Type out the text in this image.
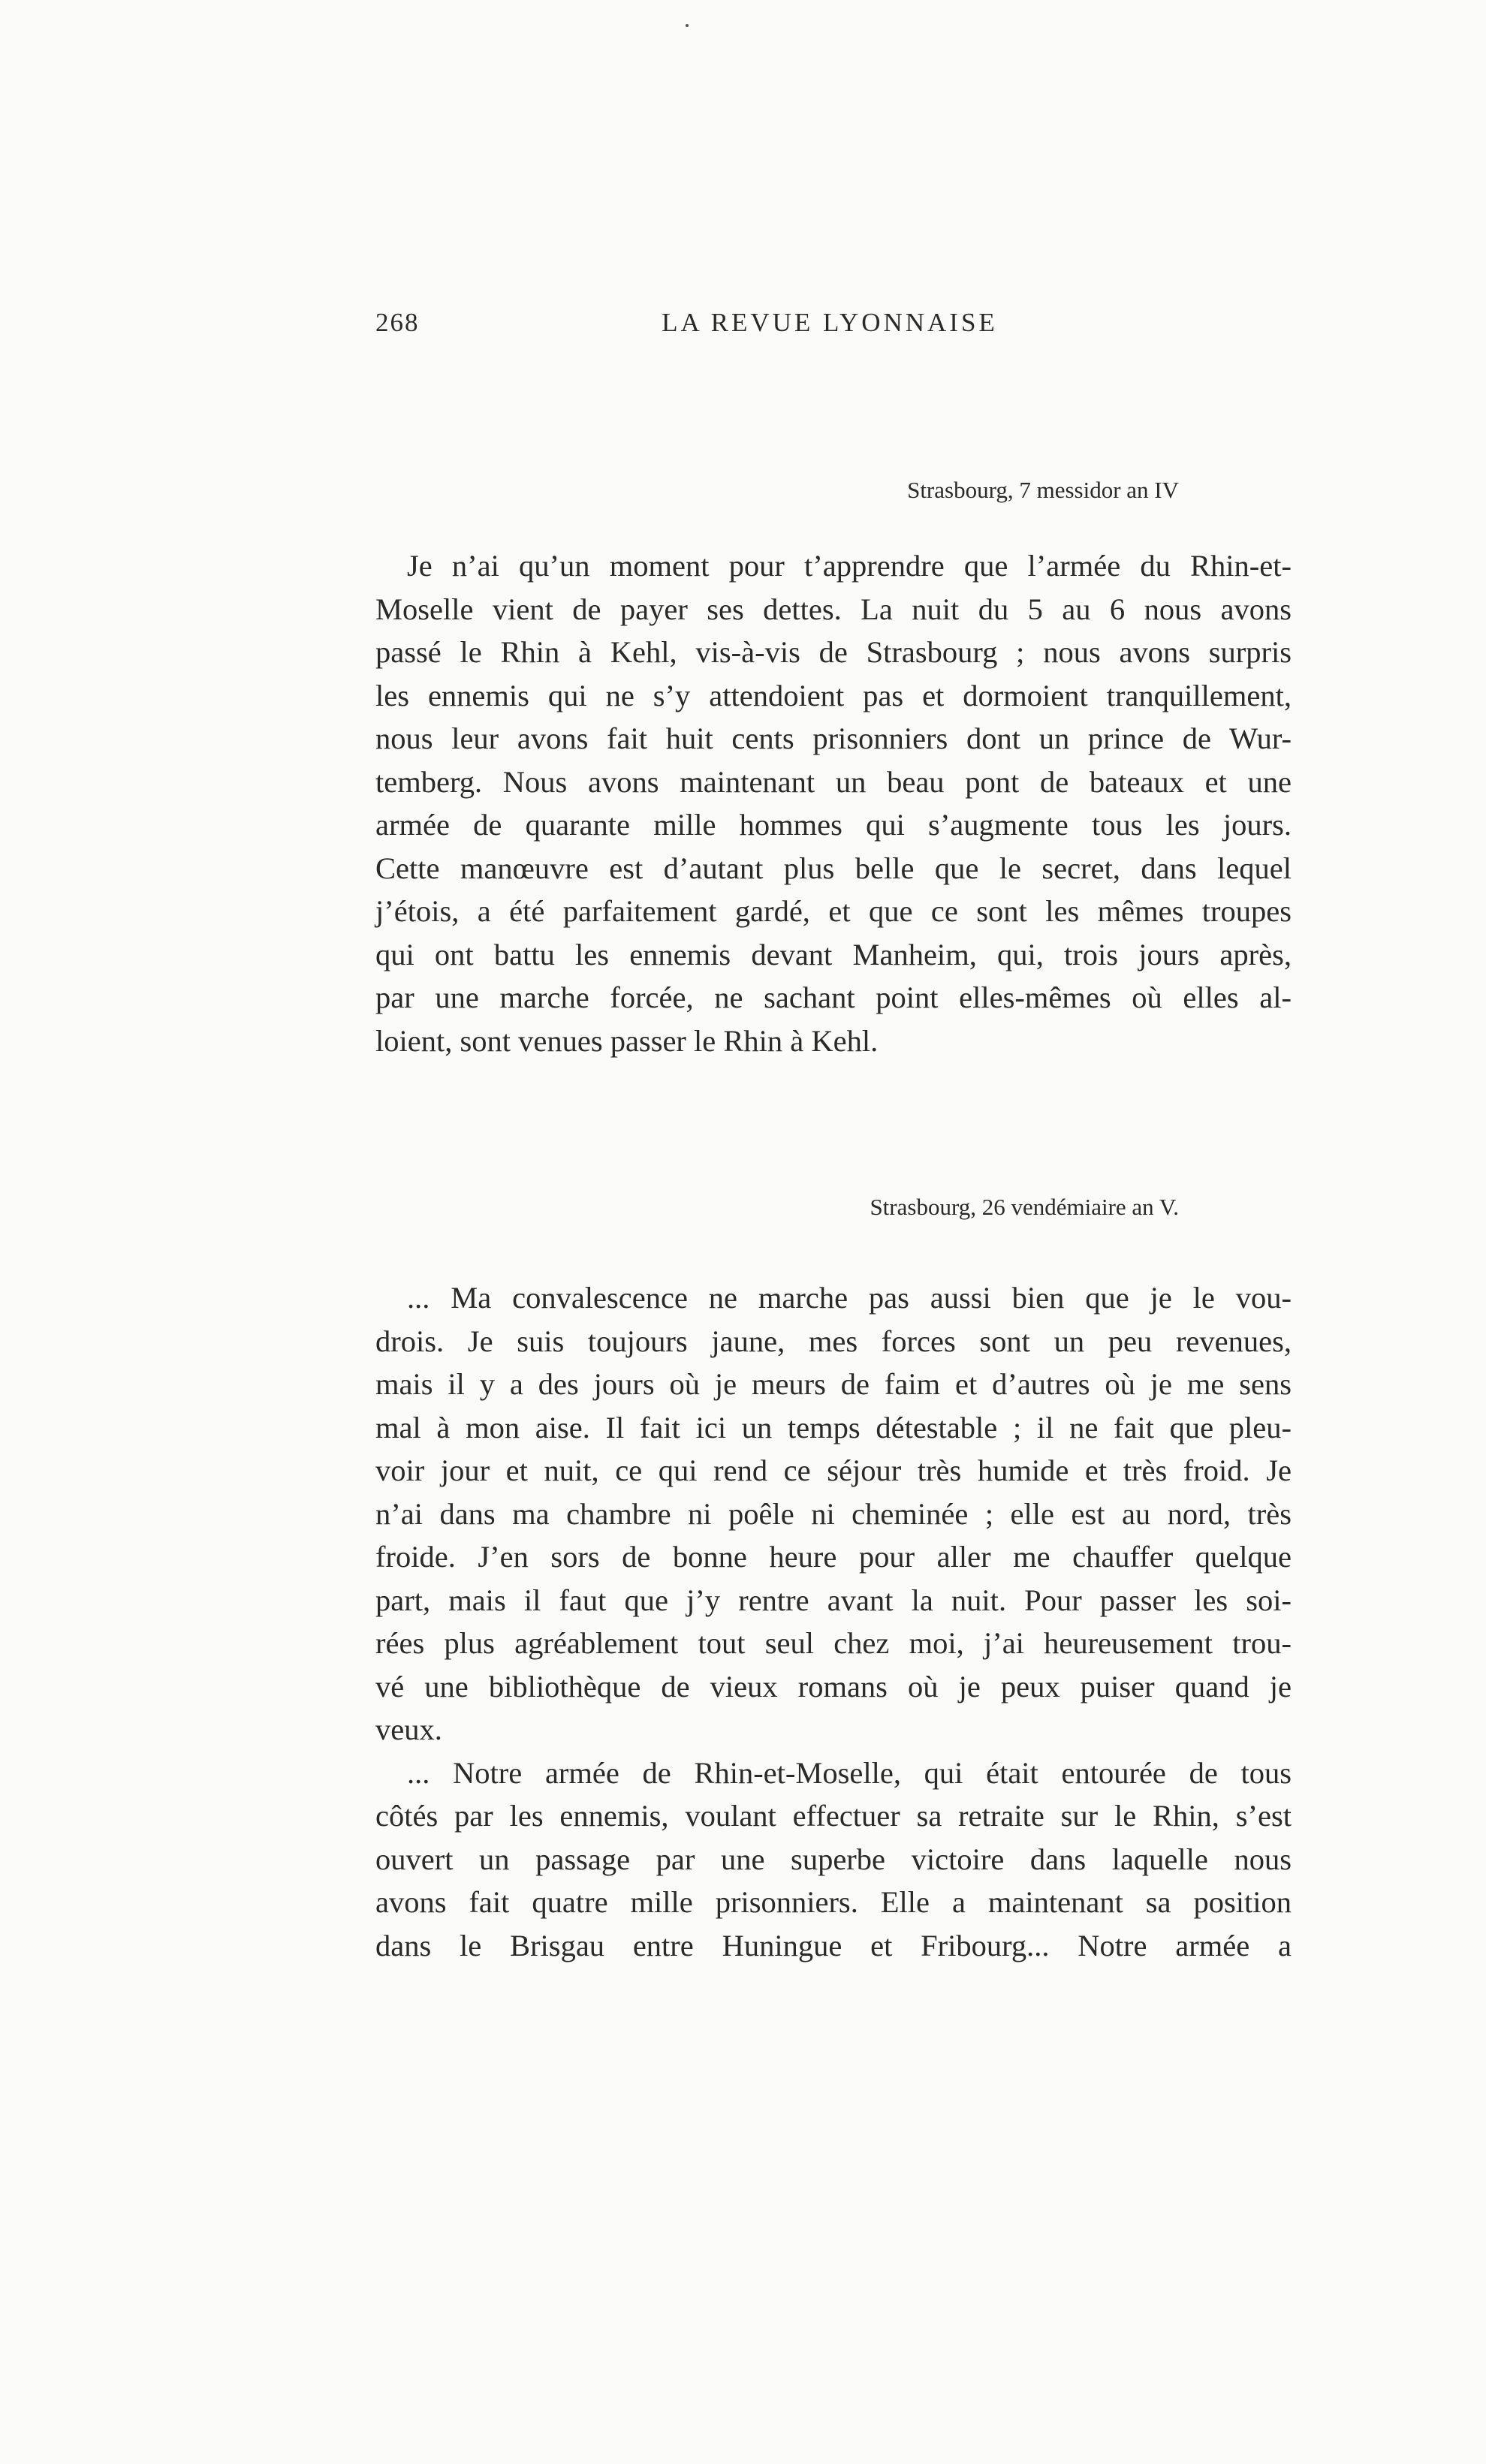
268	LA REVUE LYONNAISE
Strasbourg, 7 messidor an IV

Je n’ai qu’un moment pour t’apprendre que l’armée du Rhin-et-
Moselle vient de payer ses dettes. La nuit du 5 au 6 nous avons
passé le Rhin à Kehl, vis-à-vis de Strasbourg ; nous avons surpris
les ennemis qui ne s’y attendoient pas et dormoient tranquillement,
nous leur avons fait huit cents prisonniers dont un prince de Wur-
temberg. Nous avons maintenant un beau pont de bateaux et une
armée de quarante mille hommes qui s’augmente tous les jours.
Cette manœuvre est d’autant plus belle que le secret, dans lequel
j’étois, a été parfaitement gardé, et que ce sont les mêmes troupes
qui ont battu les ennemis devant Manheim, qui, trois jours après,
par une marche forcée, ne sachant point elles-mêmes où elles al-
loient, sont venues passer le Rhin à Kehl.

Strasbourg, 26 vendémiaire an V.

... Ma convalescence ne marche pas aussi bien que je le vou-
drois. Je suis toujours jaune, mes forces sont un peu revenues,
mais il y a des jours où je meurs de faim et d’autres où je me sens
mal à mon aise. Il fait ici un temps détestable ; il ne fait que pleu-
voir jour et nuit, ce qui rend ce séjour très humide et très froid. Je
n’ai dans ma chambre ni poêle ni cheminée ; elle est au nord, très
froide. J’en sors de bonne heure pour aller me chauffer quelque
part, mais il faut que j’y rentre avant la nuit. Pour passer les soi-
rées plus agréablement tout seul chez moi, j’ai heureusement trou-
vé une bibliothèque de vieux romans où je peux puiser quand je
veux.

... Notre armée de Rhin-et-Moselle, qui était entourée de tous
côtés par les ennemis, voulant effectuer sa retraite sur le Rhin, s’est
ouvert un passage par une superbe victoire dans laquelle nous
avons fait quatre mille prisonniers. Elle a maintenant sa position
dans le Brisgau entre Huningue et Fribourg... Notre armée a
